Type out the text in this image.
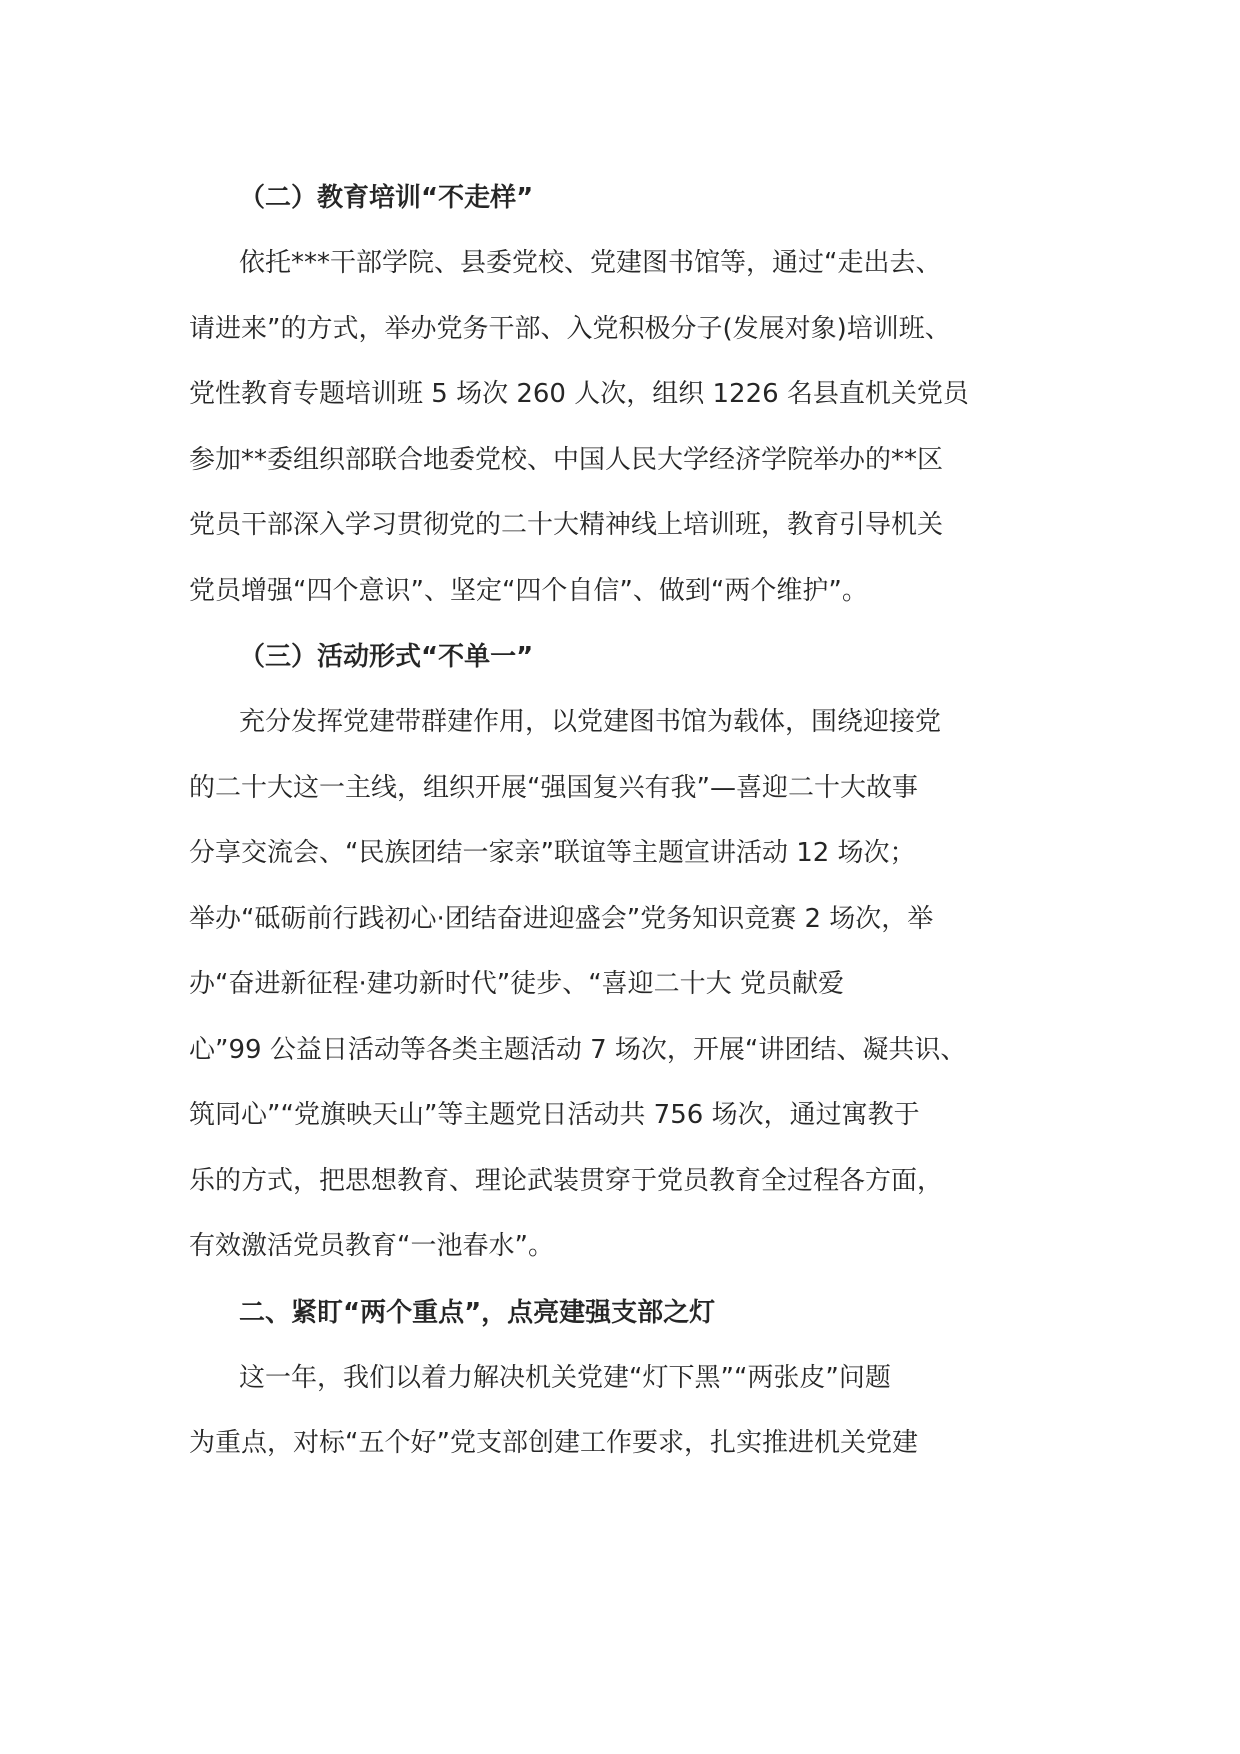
（二）教育培训“不走样”
依托***干部学院、县委党校、党建图书馆等，通过“走出去、
请进来”的方式，举办党务干部、入党积极分子(发展对象)培训班、
党性教育专题培训班 5 场次 260 人次，组织 1226 名县直机关党员
参加**委组织部联合地委党校、中国人民大学经济学院举办的**区
党员干部深入学习贯彻党的二十大精神线上培训班，教育引导机关
党员增强“四个意识”、坚定“四个自信”、做到“两个维护”。
（三）活动形式“不单一”
充分发挥党建带群建作用，以党建图书馆为载体，围绕迎接党
的二十大这一主线，组织开展“强国复兴有我”—喜迎二十大故事
分享交流会、“民族团结一家亲”联谊等主题宣讲活动 12 场次；
举办“砥砺前行践初心·团结奋进迎盛会”党务知识竞赛 2 场次，举
办“奋进新征程·建功新时代”徒步、“喜迎二十大 党员献爱
心”99 公益日活动等各类主题活动 7 场次，开展“讲团结、凝共识、
筑同心”“党旗映天山”等主题党日活动共 756 场次，通过寓教于
乐的方式，把思想教育、理论武装贯穿于党员教育全过程各方面，
有效激活党员教育“一池春水”。
二、紧盯“两个重点”，点亮建强支部之灯
这一年，我们以着力解决机关党建“灯下黑”“两张皮”问题
为重点，对标“五个好”党支部创建工作要求，扎实推进机关党建
